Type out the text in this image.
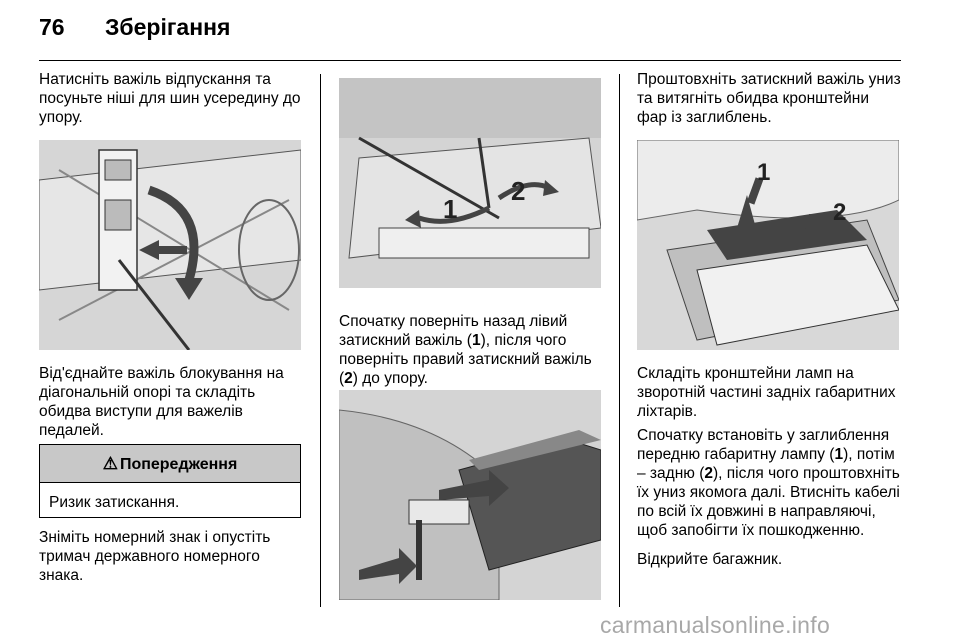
76 Зберігання

Натисніть важіль відпускання та посуньте ніші для шин усередину до упору.

Від'єднайте важіль блокування на діагональній опорі та складіть обидва виступи для важелів педалей.

⚠ Попередження
Ризик затискання.

Зніміть номерний знак і опустіть тримач державного номерного знака.

1
2

Спочатку поверніть назад лівий затискний важіль (1), після чого поверніть правий затискний важіль (2) до упору.

Проштовхніть затискний важіль униз та витягніть обидва кронштейни фар із заглиблень.

1
2

Складіть кронштейни ламп на зворотній частині задніх габаритних ліхтарів.

Спочатку встановіть у заглиблення передню габаритну лампу (1), потім – задню (2), після чого проштовхніть їх униз якомога далі. Втисніть кабелі по всій їх довжині в направляючі, щоб запобігти їх пошкодженню.

Відкрийте багажник.

carmanualsonline.info
